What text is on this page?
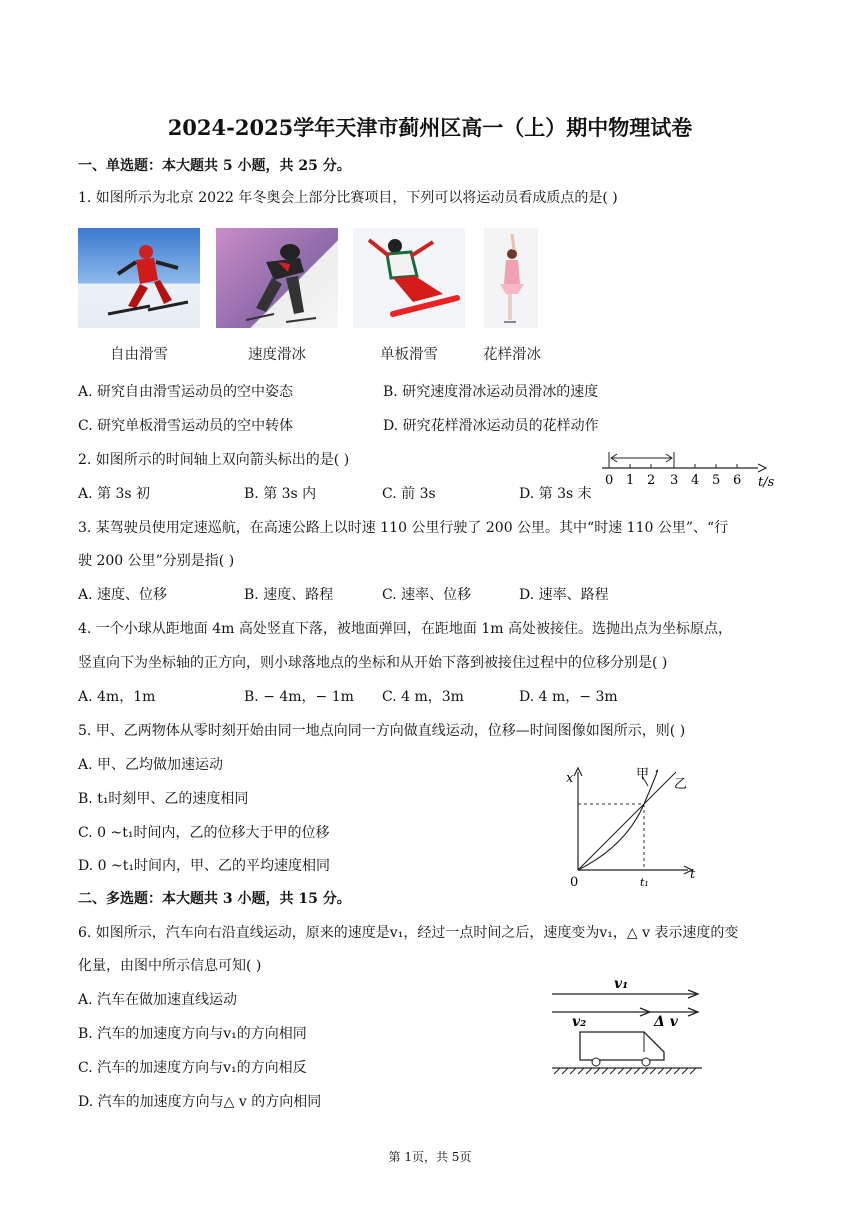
2024-2025学年天津市蓟州区高一（上）期中物理试卷
一、单选题：本大题共 5 小题，共 25 分。
1. 如图所示为北京 2022 年冬奥会上部分比赛项目，下列可以将运动员看成质点的是( )
自由滑雪	速度滑冰	单板滑雪	花样滑冰
A. 研究自由滑雪运动员的空中姿态	B. 研究速度滑冰运动员滑冰的速度
C. 研究单板滑雪运动员的空中转体	D. 研究花样滑冰运动员的花样动作
2. 如图所示的时间轴上双向箭头标出的是( )
A. 第 3s 初	B. 第 3s 内	C. 前 3s	D. 第 3s 末
0 1 2 3 4 5 6 t/s
3. 某驾驶员使用定速巡航，在高速公路上以时速 110 公里行驶了 200 公里。其中“时速 110 公里”、“行
驶 200 公里”分别是指( )
A. 速度、位移	B. 速度、路程	C. 速率、位移	D. 速率、路程
4. 一个小球从距地面 4m 高处竖直下落，被地面弹回，在距地面 1m 高处被接住。选抛出点为坐标原点，
竖直向下为坐标轴的正方向，则小球落地点的坐标和从开始下落到被接住过程中的位移分别是( )
A. 4m，1m	B. − 4m，− 1m C. 4 m，3m	D. 4 m，− 3m
5. 甲、乙两物体从零时刻开始由同一地点向同一方向做直线运动，位移—时间图像如图所示，则( )
A. 甲、乙均做加速运动
B. t₁时刻甲、乙的速度相同
C. 0 ~t₁时间内，乙的位移大于甲的位移
D. 0 ~t₁时间内，甲、乙的平均速度相同
x
t
0	t₁
甲
乙
二、多选题：本大题共 3 小题，共 15 分。
6. 如图所示，汽车向右沿直线运动，原来的速度是v₁，经过一点时间之后，速度变为v₁，△ v 表示速度的变
化量，由图中所示信息可知( )
A. 汽车在做加速直线运动
B. 汽车的加速度方向与v₁的方向相同
C. 汽车的加速度方向与v₁的方向相反
D. 汽车的加速度方向与△ v 的方向相同
v₁
v₂	Δ v
第 1页，共 5页
